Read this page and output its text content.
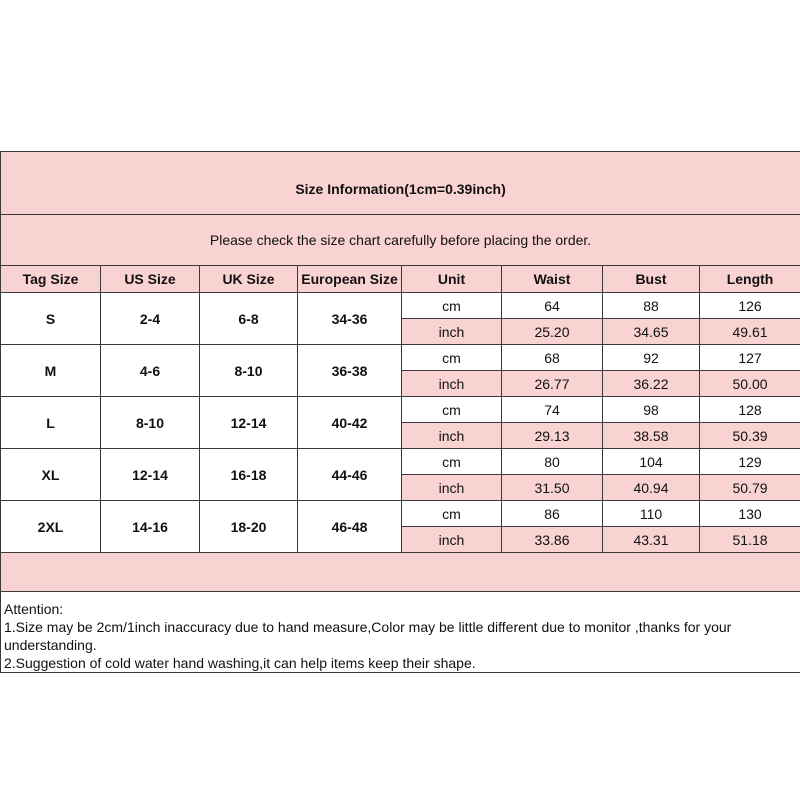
Size Information(1cm=0.39inch)							
Please check the size chart carefully before placing the order.							
Tag Size	US Size	UK Size	European Size	Unit	Waist	Bust	Length
S	2-4	6-8	34-36	cm	64	88	126
				inch	25.20	34.65	49.61
M	4-6	8-10	36-38	cm	68	92	127
				inch	26.77	36.22	50.00
L	8-10	12-14	40-42	cm	74	98	128
				inch	29.13	38.58	50.39
XL	12-14	16-18	44-46	cm	80	104	129
				inch	31.50	40.94	50.79
2XL	14-16	18-20	46-48	cm	86	110	130
				inch	33.86	43.31	51.18

Attention:
1.Size may be 2cm/1inch inaccuracy due to hand measure,Color may be little different due to monitor ,thanks for your understanding.
2.Suggestion of cold water hand washing,it can help items keep their shape.							
